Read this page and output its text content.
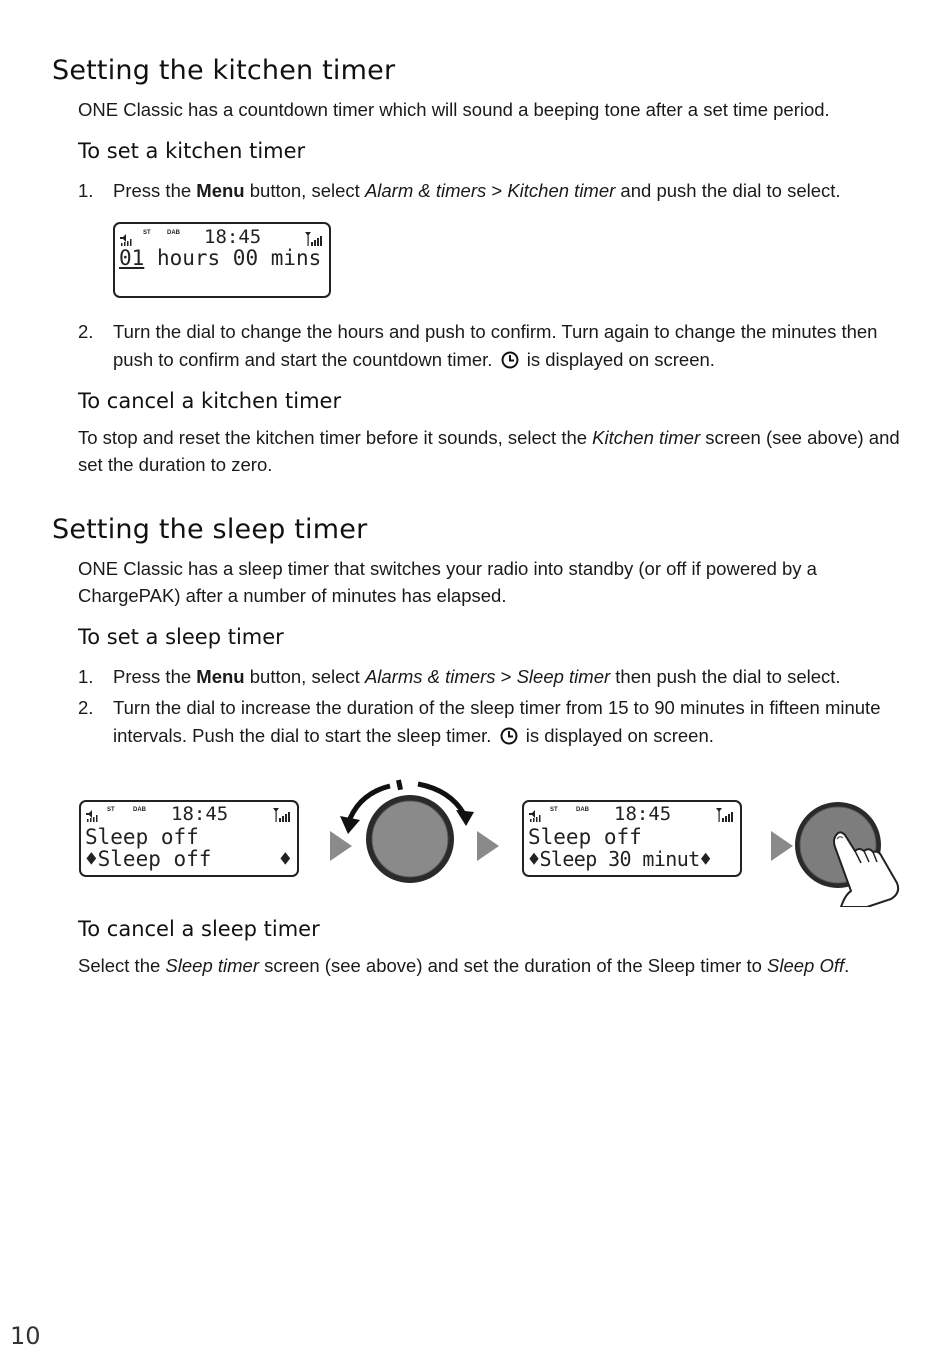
Setting the kitchen timer

ONE Classic has a countdown timer which will sound a beeping tone after a set time period.

To set a kitchen timer
1. Press the Menu button, select Alarm & timers > Kitchen timer and push the dial to select.
ST	DAB 18:45
01 hours 00 mins
2. Turn the dial to change the hours and push to confirm. Turn again to change the minutes then push to confirm and start the countdown timer.  is displayed on screen.
To cancel a kitchen timer

To stop and reset the kitchen timer before it sounds, select the Kitchen timer screen (see above) and set the duration to zero.

Setting the sleep timer

ONE Classic has a sleep timer that switches your radio into standby (or off if powered by a ChargePAK) after a number of minutes has elapsed.

To set a sleep timer
1. Press the Menu button, select Alarms & timers > Sleep timer then push the dial to select.
2. Turn the dial to increase the duration of the sleep timer from 15 to 90 minutes in fifteen minute intervals. Push the dial to start the sleep timer.  is displayed on screen.
ST	DAB 18:45
Sleep off
♦Sleep off	♦
ST	DAB 18:45
Sleep off
♦Sleep 30 minut♦
To cancel a sleep timer

Select the Sleep timer screen (see above) and set the duration of the Sleep timer to Sleep Off.

10
